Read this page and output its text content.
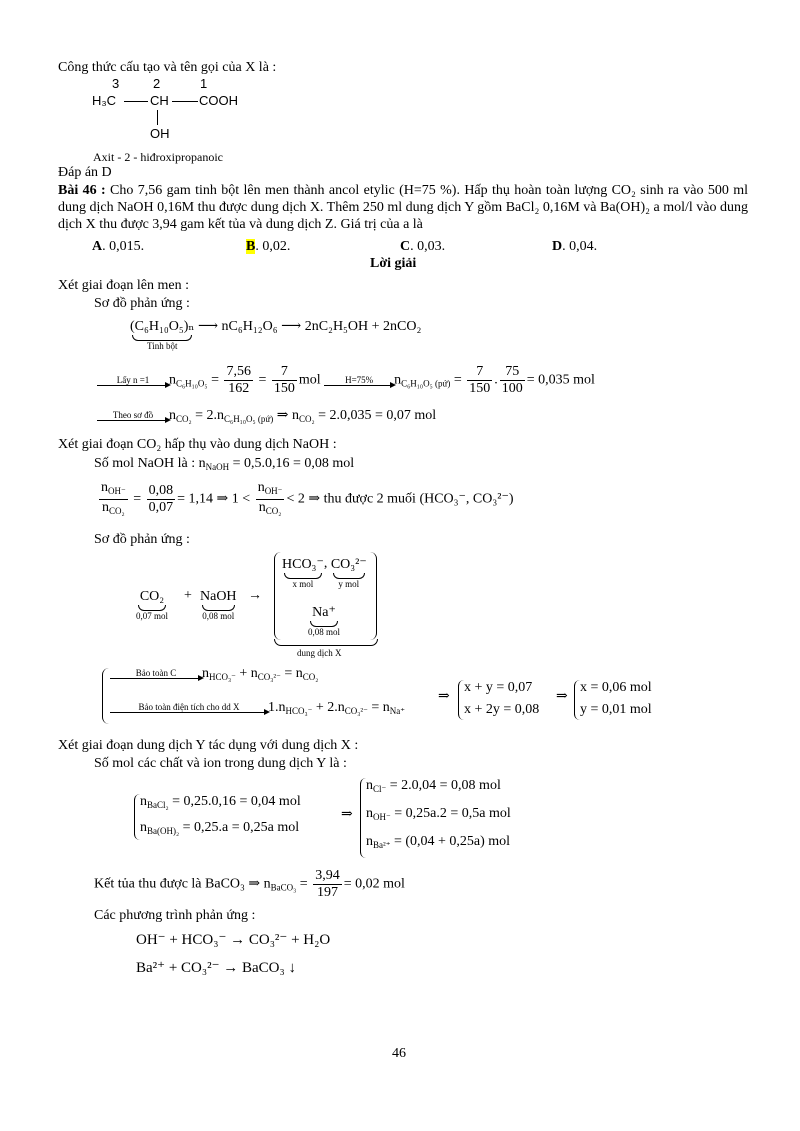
Công thức cấu tạo và tên gọi của X là :
3	2	1
H₃C	CH COOH
OH
Axit - 2 - hiđroxipropanoic
Đáp án D
Bài 46 : Cho 7,56 gam tinh bột lên men thành ancol etylic (H=75 %). Hấp thụ hoàn toàn lượng CO₂ sinh ra vào 500 ml dung dịch NaOH 0,16M thu được dung dịch X. Thêm 250 ml dung dịch Y gồm BaCl₂ 0,16M và Ba(OH)₂ a mol/l vào dung dịch X thu được 3,94 gam kết tủa và dung dịch Z. Giá trị của a là
A. 0,015.	B. 0,02.	C. 0,03.	D. 0,04.
Lời giải
Xét giai đoạn lên men :
Sơ đồ phản ứng :
(C₆H₁₀O₅)ₙ
Tinh bột
⟶ nC₆H₁₂O₆ ⟶ 2nC₂H₅OH + 2nCO₂
Lấy n =1	$n_{C_6H_{10}O_5} = \frac{7,56}{162} = \frac{7}{150}$ mol	H=75%	$n_{C_6H_{10}O_5 (pứ)} = \frac{7}{150}$ . $\frac{75}{100} = 0,035$ mol
Theo sơ đồ	$n_{CO_2} = 2.n_{C_6H_{10}O_5 (pứ)}$ ⇒ $n_{CO_2} = 2.0,035 = 0,07$ mol
Xét giai đoạn CO₂ hấp thụ vào dung dịch NaOH :
Số mol NaOH là : $n_{NaOH} = 0,5.0,16 = 0,08$ mol
$\frac{n_{OH^-}}{n_{CO_2}} = \frac{0,08}{0,07} = 1,14$ ⇒ $1 < \frac{n_{OH^-}}{n_{CO_2}} < 2$ ⇒ thu được 2 muối (HCO₃⁻, CO₃²⁻)
Sơ đồ phản ứng :
CO₂
0,07 mol
+ NaOH
0,08 mol
→
HCO₃⁻
x mol
, CO₃²⁻
y mol
Na⁺
0,08 mol
dung dịch X
Bảo toàn C	$n_{HCO_3^-} + n_{CO_3^{2-}} = n_{CO_2}$
Bảo toàn điện tích cho dd X	$1.n_{HCO_3^-} + 2.n_{CO_3^{2-}} = n_{Na^+}$
⇒
x + y = 0,07
x + 2y = 0,08
⇒
x = 0,06 mol
y = 0,01 mol
Xét giai đoạn dung dịch Y tác dụng với dung dịch X :
Số mol các chất và ion trong dung dịch Y là :
$n_{BaCl_2} = 0,25.0,16 = 0,04$ mol
$n_{Ba(OH)_2} = 0,25.a = 0,25a$ mol
⇒
$n_{Cl^-} = 2.0,04 = 0,08$ mol
$n_{OH^-} = 0,25a.2 = 0,5a$ mol
$n_{Ba^{2+}} = (0,04 + 0,25a)$ mol
Kết tủa thu được là BaCO₃ ⇒ $n_{BaCO_3} = \frac{3,94}{197} = 0,02$ mol
Các phương trình phản ứng :
OH⁻ + HCO₃⁻ → CO₃²⁻ + H₂O
Ba²⁺ + CO₃²⁻ → BaCO₃ ↓
46
